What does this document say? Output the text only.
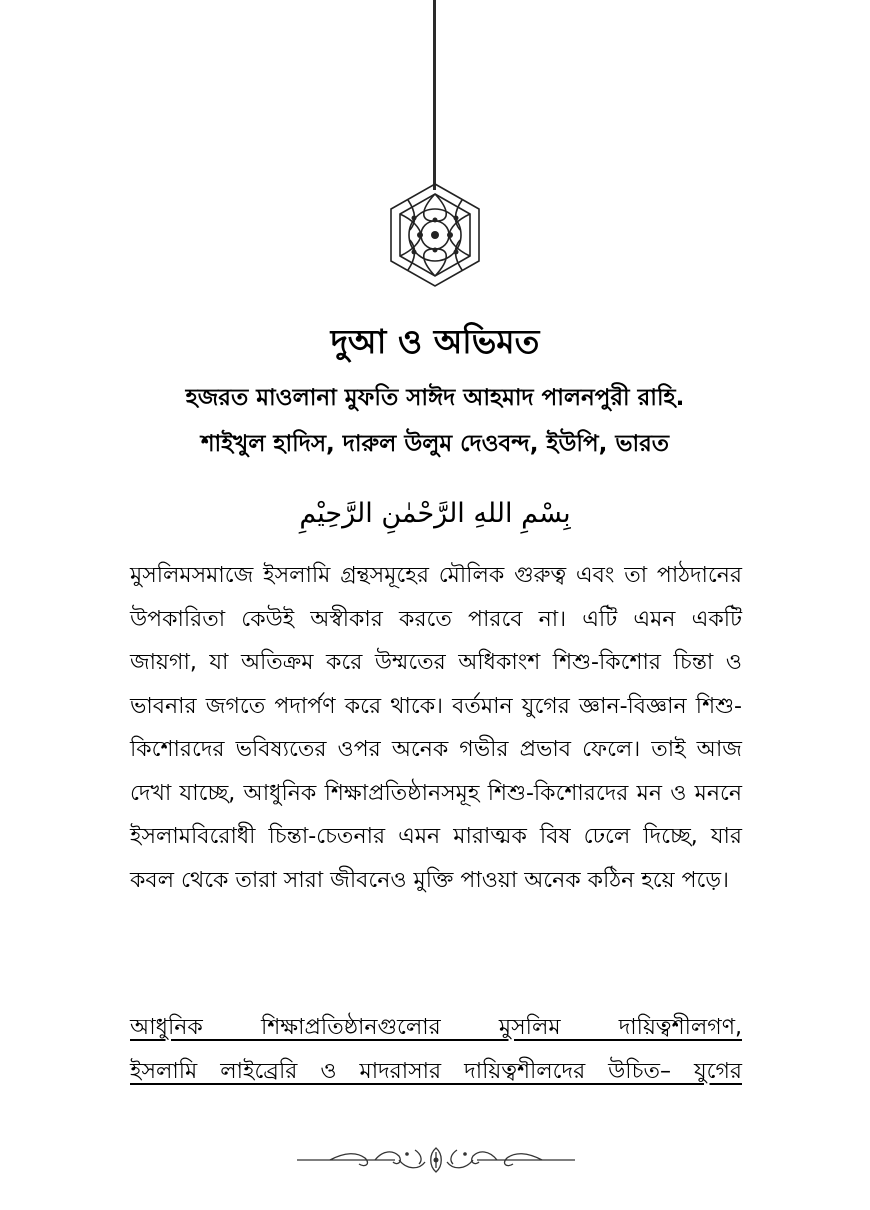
দুআ ও অভিমত
হজরত মাওলানা মুফতি সাঈদ আহমাদ পালনপুরী রাহি.
শাইখুল হাদিস, দারুল উলুম দেওবন্দ, ইউপি, ভারত
بِسْمِ اللهِ الرَّحْمٰنِ الرَّحِيْمِ

মুসলিমসমাজে ইসলামি গ্রন্থসমূহের মৌলিক গুরুত্ব এবং তা পাঠদানের উপকারিতা কেউই অস্বীকার করতে পারবে না। এটি এমন একটি জায়গা, যা অতিক্রম করে উম্মতের অধিকাংশ শিশু-কিশোর চিন্তা ও ভাবনার জগতে পদার্পণ করে থাকে। বর্তমান যুগের জ্ঞান-বিজ্ঞান শিশু-কিশোরদের ভবিষ্যতের ওপর অনেক গভীর প্রভাব ফেলে। তাই আজ দেখা যাচ্ছে, আধুনিক শিক্ষাপ্রতিষ্ঠানসমূহ শিশু-কিশোরদের মন ও মননে ইসলামবিরোধী চিন্তা-চেতনার এমন মারাত্মক বিষ ঢেলে দিচ্ছে, যার কবল থেকে তারা সারা জীবনেও মুক্তি পাওয়া অনেক কঠিন হয়ে পড়ে।

আধুনিক শিক্ষাপ্রতিষ্ঠানগুলোর মুসলিম দায়িত্বশীলগণ,

ইসলামি লাইব্রেরি ও মাদরাসার দায়িত্বশীলদের উচিত– যুগের
